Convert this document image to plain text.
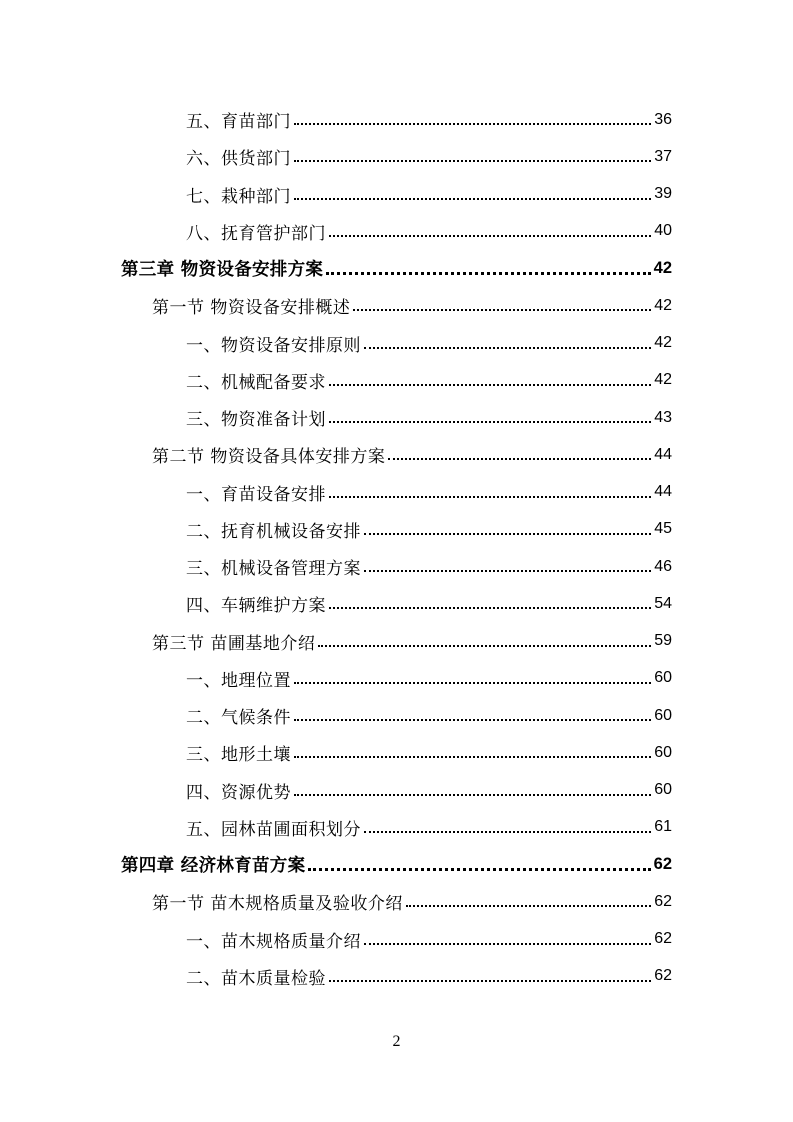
五、育苗部门	36
六、供货部门	37
七、栽种部门	39
八、抚育管护部门	40
第三章 物资设备安排方案	42
第一节 物资设备安排概述	42
一、物资设备安排原则	42
二、机械配备要求	42
三、物资准备计划	43
第二节 物资设备具体安排方案	44
一、育苗设备安排	44
二、抚育机械设备安排	45
三、机械设备管理方案	46
四、车辆维护方案	54
第三节 苗圃基地介绍	59
一、地理位置	60
二、气候条件	60
三、地形土壤	60
四、资源优势	60
五、园林苗圃面积划分	61
第四章 经济林育苗方案	62
第一节 苗木规格质量及验收介绍	62
一、苗木规格质量介绍	62
二、苗木质量检验	62
2
